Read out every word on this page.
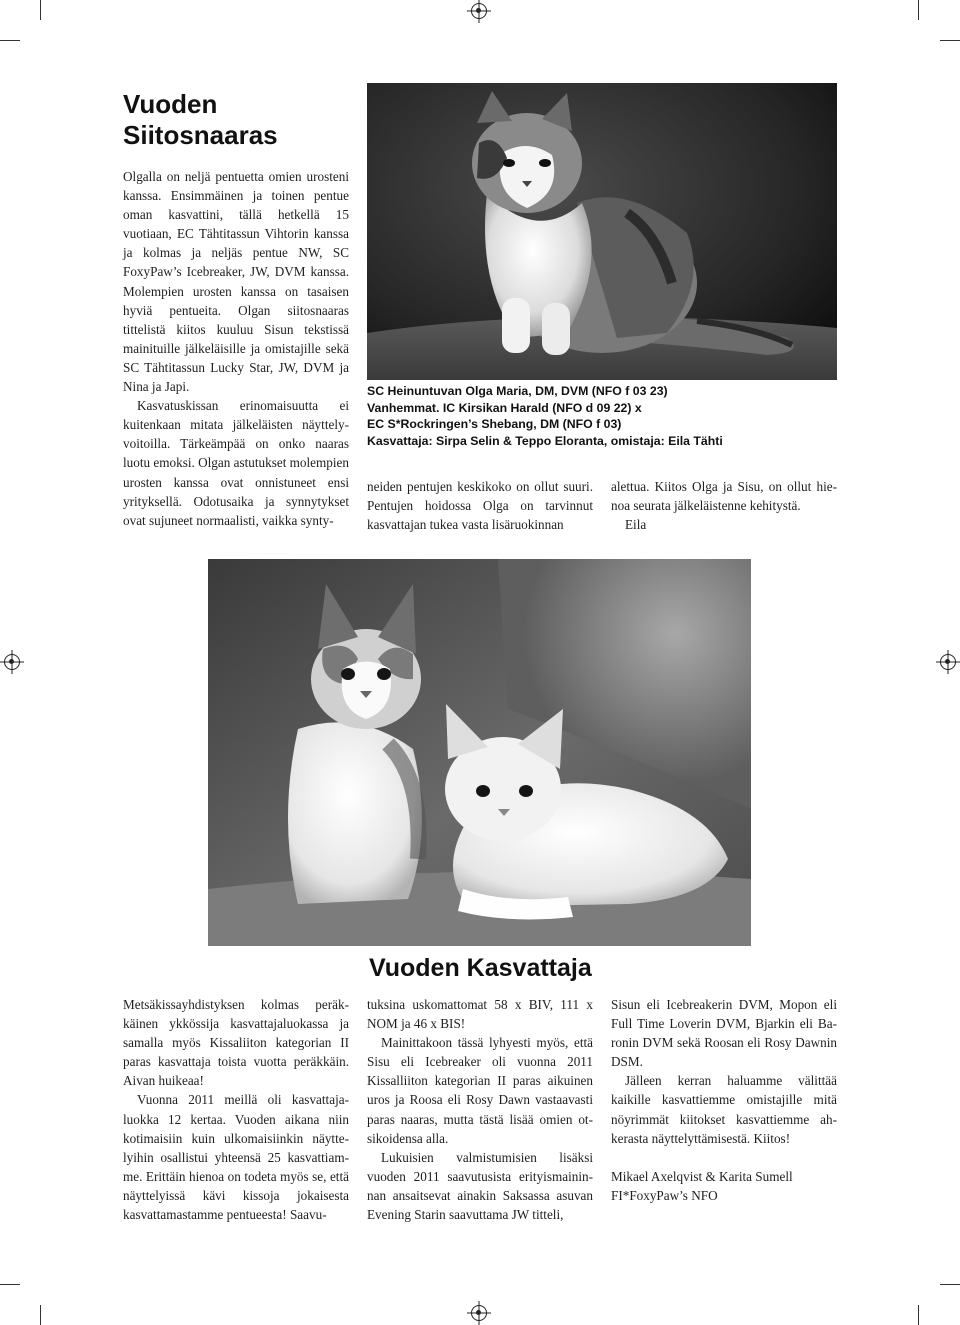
Vuoden
Siitosnaaras

Olgalla on neljä pentuetta omien urosteni kanssa. Ensimmäinen ja toinen pentue oman kasvattini, tällä hetkellä 15 vuotiaan, EC Tähtitassun Vihtorin kanssa ja kolmas ja neljäs pentue NW, SC FoxyPaw’s Icebreaker, JW, DVM kanssa. Molempien urosten kanssa on tasaisen hyviä pentueita. Olgan siitosnaaras tittelistä kiitos kuuluu Sisun tekstissä mainituille jälkeläisille ja omistajille sekä SC Tähtitassun Lucky Star, JW, DVM ja Nina ja Japi.

Kasvatuskissan erinomaisuutta ei kuitenkaan mitata jälkeläisten näyttelyvoitoilla. Tärkeämpää on onko naaras luotu emoksi. Olgan astutukset molempien urosten kanssa ovat onnistuneet ensi yrityksellä. Odotusaika ja synnytykset ovat sujuneet normaalisti, vaikka synty-

SC Heinuntuvan Olga Maria, DM, DVM (NFO f 03 23)
Vanhemmat. IC Kirsikan Harald (NFO d 09 22) x
EC S*Rockringen’s Shebang, DM (NFO f 03)
Kasvattaja: Sirpa Selin & Teppo Eloranta, omistaja: Eila Tähti

neiden pentujen keskikoko on ollut suuri. Pentujen hoidossa Olga on tarvinnut kasvattajan tukea vasta lisäruokinnan

alettua. Kiitos Olga ja Sisu, on ollut hienoa seurata jälkeläistenne kehitystä.

Eila

Vuoden Kasvattaja

Metsäkissayhdistyksen kolmas peräkkäinen ykkössija kasvattajaluokassa ja samalla myös Kissaliiton kategorian II paras kasvattaja toista vuotta peräkkäin. Aivan huikeaa!

Vuonna 2011 meillä oli kasvattajaluokka 12 kertaa. Vuoden aikana niin kotimaisiin kuin ulkomaisiinkin näyttelyihin osallistui yhteensä 25 kasvattiamme. Erittäin hienoa on todeta myös se, että näyttelyissä kävi kissoja jokaisesta kasvattamastamme pentueesta! Saavu-

tuksina uskomattomat 58 x BIV, 111 x NOM ja 46 x BIS!

Mainittakoon tässä lyhyesti myös, että Sisu eli Icebreaker oli vuonna 2011 Kissalliiton kategorian II paras aikuinen uros ja Roosa eli Rosy Dawn vastaavasti paras naaras, mutta tästä lisää omien otsikoidensa alla.

Lukuisien valmistumisien lisäksi vuoden 2011 saavutusista erityismaininnan ansaitsevat ainakin Saksassa asuvan Evening Starin saavuttama JW titteli,

Sisun eli Icebreakerin DVM, Mopon eli Full Time Loverin DVM, Bjarkin eli Baronin DVM sekä Roosan eli Rosy Dawnin DSM.

Jälleen kerran haluamme välittää kaikille kasvattiemme omistajille mitä nöyrimmät kiitokset kasvattiemme ahkerasta näyttelyttämisestä. Kiitos!

Mikael Axelqvist & Karita Sumell
FI*FoxyPaw’s NFO
